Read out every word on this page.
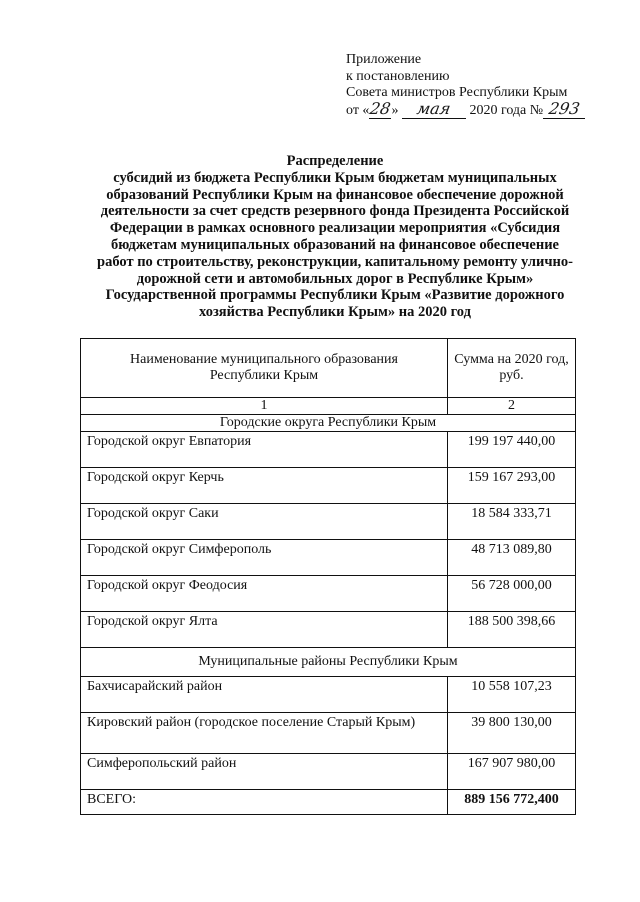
Приложение
к постановлению
Совета министров Республики Крым
от «28» мая 2020 года № 293
Распределение
субсидий из бюджета Республики Крым бюджетам муниципальных
образований Республики Крым на финансовое обеспечение дорожной
деятельности за счет средств резервного фонда Президента Российской
Федерации в рамках основного реализации мероприятия «Субсидия
бюджетам муниципальных образований на финансовое обеспечение
работ по строительству, реконструкции, капитальному ремонту улично-
дорожной сети и автомобильных дорог в Республике Крым»
Государственной программы Республики Крым «Развитие дорожного
хозяйства Республики Крым» на 2020 год
Наименование муниципального образования Республики Крым	Сумма на 2020 год, руб.
1	2
Городские округа Республики Крым	
Городской округ Евпатория	199 197 440,00
Городской округ Керчь	159 167 293,00
Городской округ Саки	18 584 333,71
Городской округ Симферополь	48 713 089,80
Городской округ Феодосия	56 728 000,00
Городской округ Ялта	188 500 398,66
Муниципальные районы Республики Крым	
Бахчисарайский район	10 558 107,23
Кировский район (городское поселение Старый Крым)	39 800 130,00
Симферопольский район	167 907 980,00
ВСЕГО:	889 156 772,400
